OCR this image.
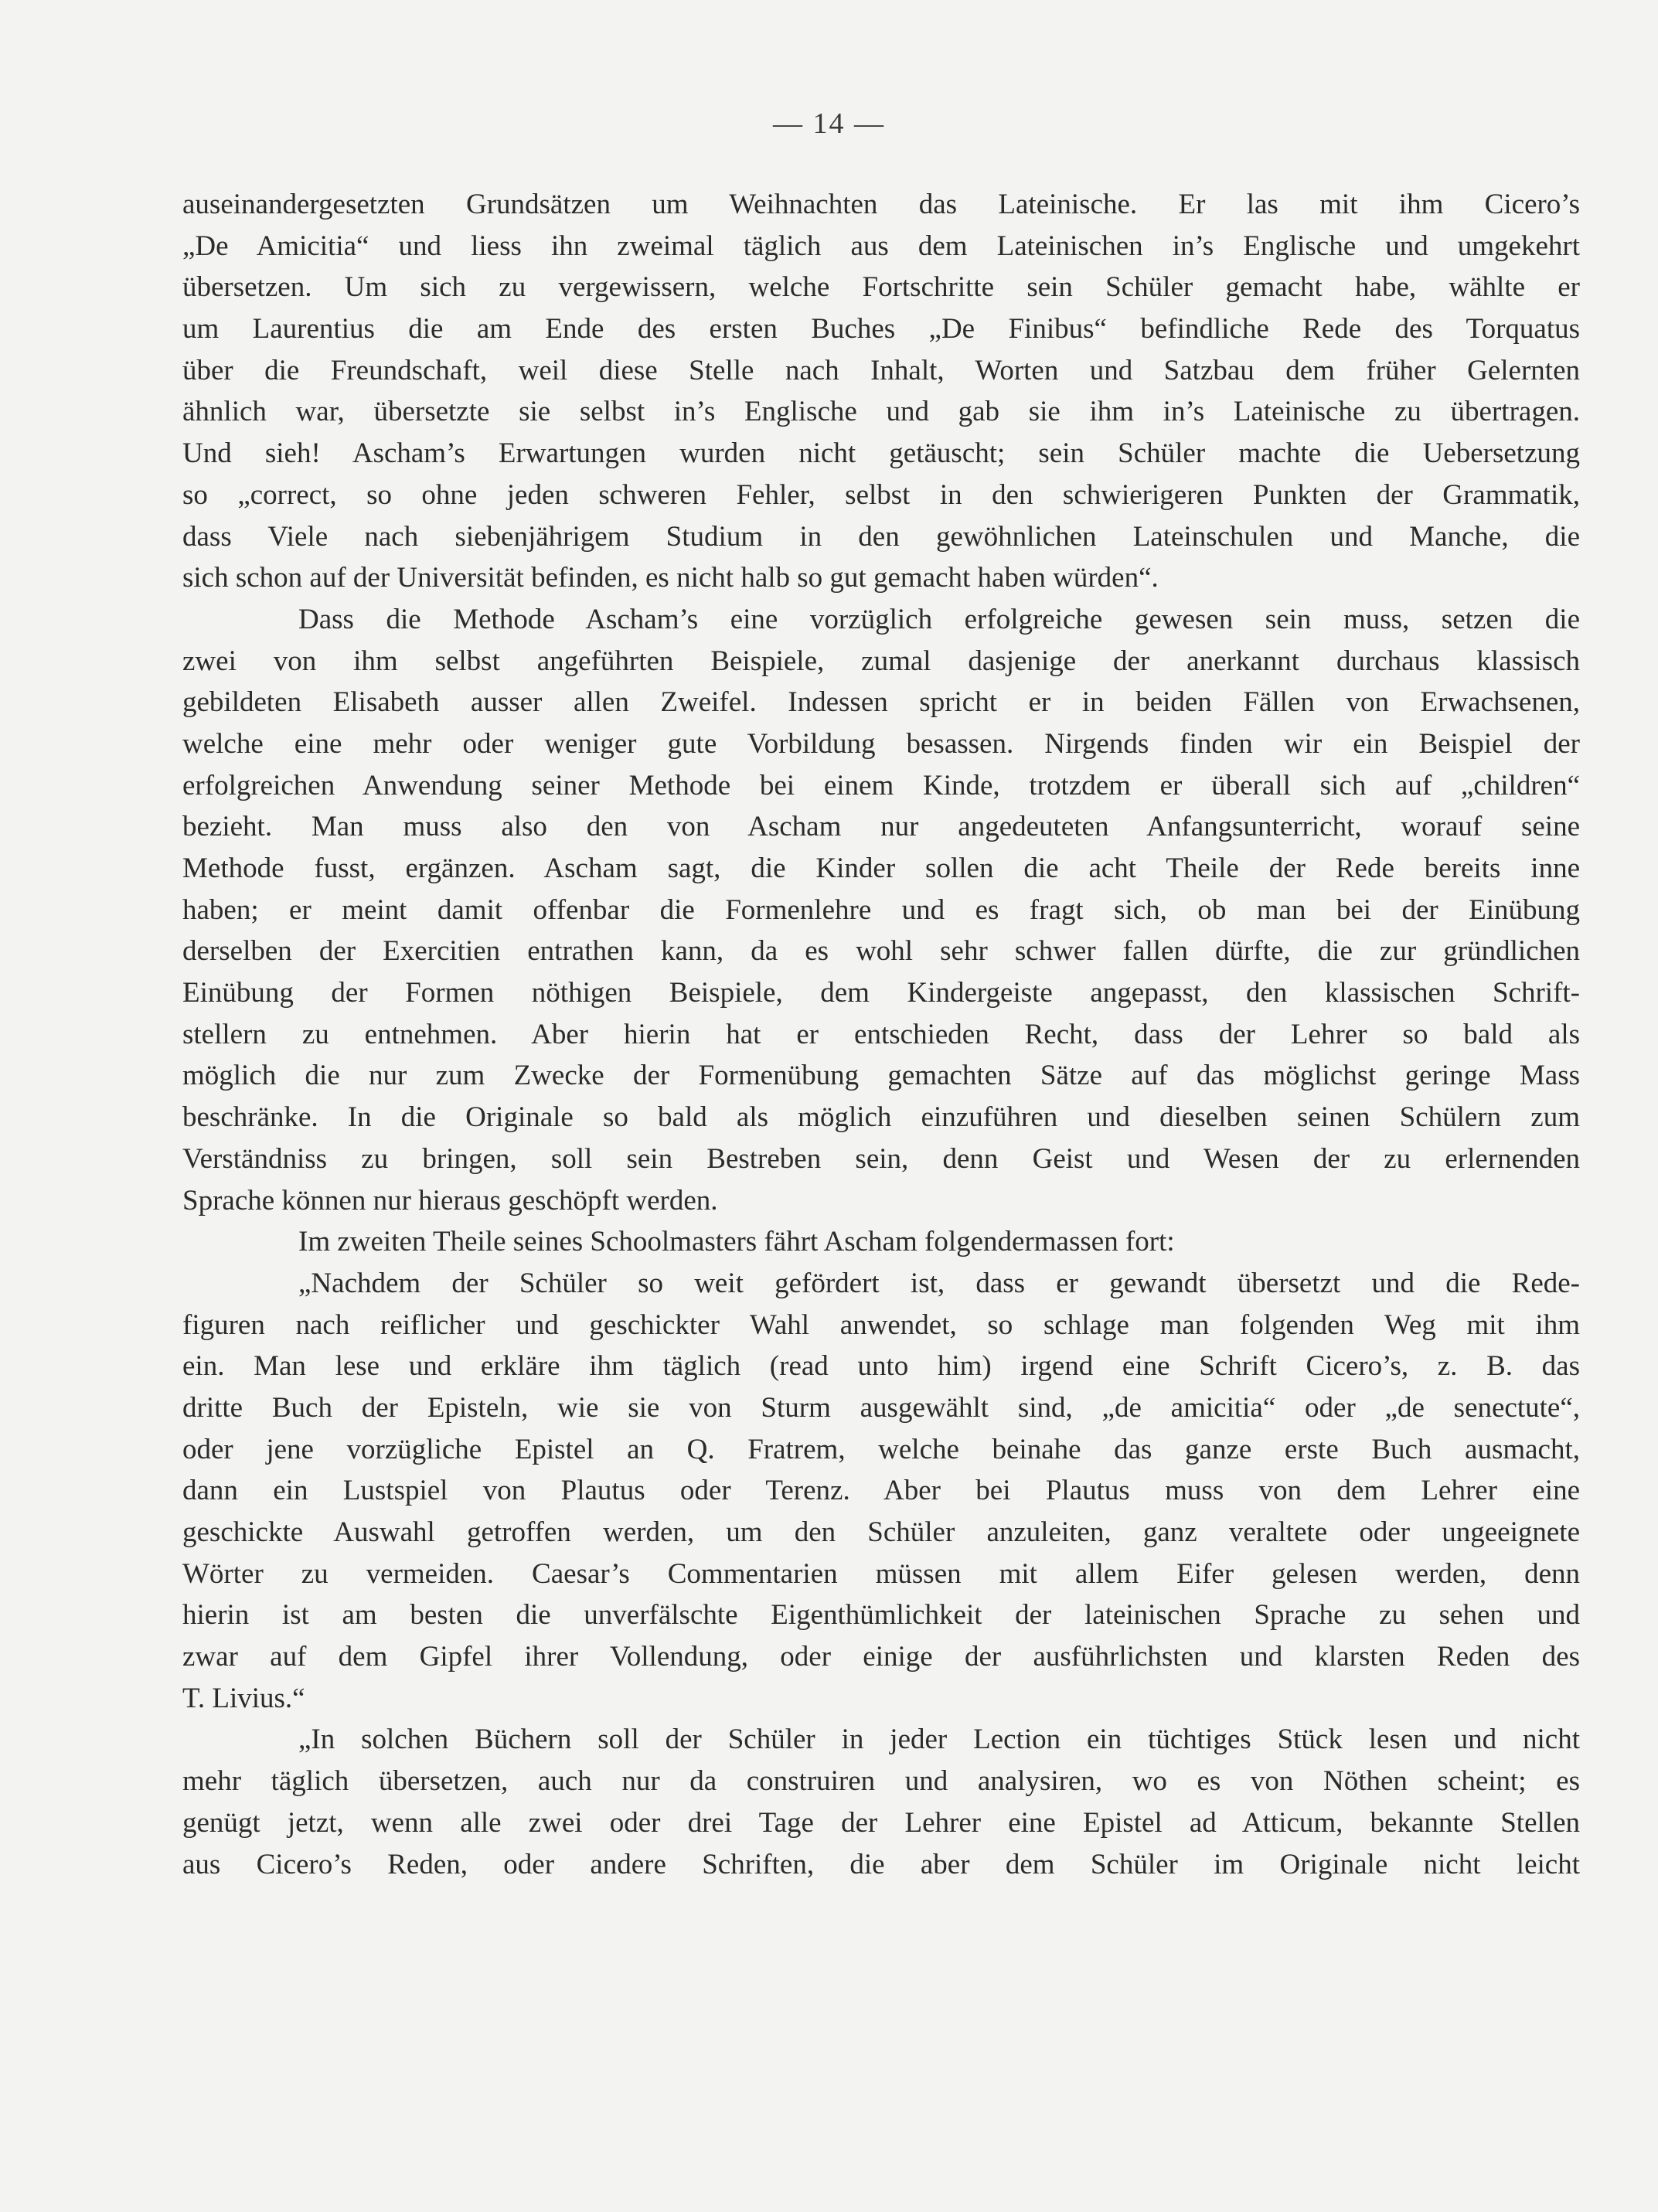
— 14 —
auseinandergesetzten Grundsätzen um Weihnachten das Lateinische. Er las mit ihm Cicero’s
„De Amicitia“ und liess ihn zweimal täglich aus dem Lateinischen in’s Englische und umgekehrt
übersetzen. Um sich zu vergewissern, welche Fortschritte sein Schüler gemacht habe, wählte er
um Laurentius die am Ende des ersten Buches „De Finibus“ befindliche Rede des Torquatus
über die Freundschaft, weil diese Stelle nach Inhalt, Worten und Satzbau dem früher Gelernten
ähnlich war, übersetzte sie selbst in’s Englische und gab sie ihm in’s Lateinische zu übertragen.
Und sieh! Ascham’s Erwartungen wurden nicht getäuscht; sein Schüler machte die Uebersetzung
so „correct, so ohne jeden schweren Fehler, selbst in den schwierigeren Punkten der Grammatik,
dass Viele nach siebenjährigem Studium in den gewöhnlichen Lateinschulen und Manche, die
sich schon auf der Universität befinden, es nicht halb so gut gemacht haben würden“.
Dass die Methode Ascham’s eine vorzüglich erfolgreiche gewesen sein muss, setzen die
zwei von ihm selbst angeführten Beispiele, zumal dasjenige der anerkannt durchaus klassisch
gebildeten Elisabeth ausser allen Zweifel. Indessen spricht er in beiden Fällen von Erwachsenen,
welche eine mehr oder weniger gute Vorbildung besassen. Nirgends finden wir ein Beispiel der
erfolgreichen Anwendung seiner Methode bei einem Kinde, trotzdem er überall sich auf „children“
bezieht. Man muss also den von Ascham nur angedeuteten Anfangsunterricht, worauf seine
Methode fusst, ergänzen. Ascham sagt, die Kinder sollen die acht Theile der Rede bereits inne
haben; er meint damit offenbar die Formenlehre und es fragt sich, ob man bei der Einübung
derselben der Exercitien entrathen kann, da es wohl sehr schwer fallen dürfte, die zur gründlichen
Einübung der Formen nöthigen Beispiele, dem Kindergeiste angepasst, den klassischen Schrift-
stellern zu entnehmen. Aber hierin hat er entschieden Recht, dass der Lehrer so bald als
möglich die nur zum Zwecke der Formenübung gemachten Sätze auf das möglichst geringe Mass
beschränke. In die Originale so bald als möglich einzuführen und dieselben seinen Schülern zum
Verständniss zu bringen, soll sein Bestreben sein, denn Geist und Wesen der zu erlernenden
Sprache können nur hieraus geschöpft werden.
Im zweiten Theile seines Schoolmasters fährt Ascham folgendermassen fort:
„Nachdem der Schüler so weit gefördert ist, dass er gewandt übersetzt und die Rede-
figuren nach reiflicher und geschickter Wahl anwendet, so schlage man folgenden Weg mit ihm
ein. Man lese und erkläre ihm täglich (read unto him) irgend eine Schrift Cicero’s, z. B. das
dritte Buch der Episteln, wie sie von Sturm ausgewählt sind, „de amicitia“ oder „de senectute“,
oder jene vorzügliche Epistel an Q. Fratrem, welche beinahe das ganze erste Buch ausmacht,
dann ein Lustspiel von Plautus oder Terenz. Aber bei Plautus muss von dem Lehrer eine
geschickte Auswahl getroffen werden, um den Schüler anzuleiten, ganz veraltete oder ungeeignete
Wörter zu vermeiden. Caesar’s Commentarien müssen mit allem Eifer gelesen werden, denn
hierin ist am besten die unverfälschte Eigenthümlichkeit der lateinischen Sprache zu sehen und
zwar auf dem Gipfel ihrer Vollendung, oder einige der ausführlichsten und klarsten Reden des
T. Livius.“
„In solchen Büchern soll der Schüler in jeder Lection ein tüchtiges Stück lesen und nicht
mehr täglich übersetzen, auch nur da construiren und analysiren, wo es von Nöthen scheint; es
genügt jetzt, wenn alle zwei oder drei Tage der Lehrer eine Epistel ad Atticum, bekannte Stellen
aus Cicero’s Reden, oder andere Schriften, die aber dem Schüler im Originale nicht leicht
